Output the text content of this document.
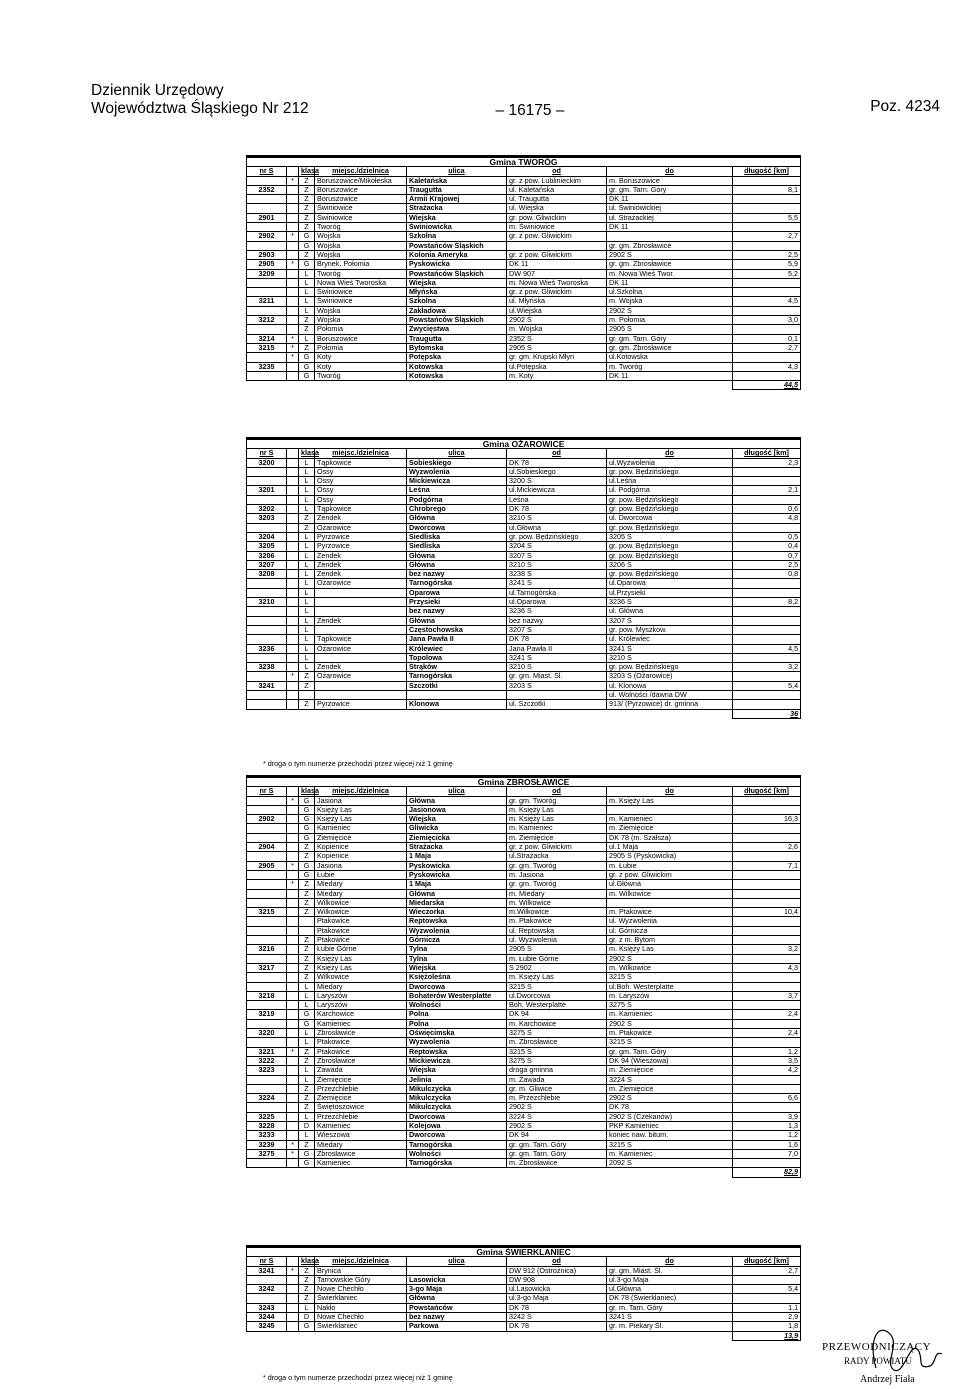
Dziennik Urzędowy
Województwa Śląskiego Nr 212	– 16175 –	Poz. 4234
Gmina TWORÓG							
nr S		klasa	miejsc./dzielnica	ulica	od	do	długość [km]
	*	Z	Boruszowice/Mikołeska	Kaletańska	gr. z pow. Lublinieckim	m. Boruszowice	
2352		Z	Boruszowice	Traugutta	ul. Kaletańska	gr. gm. Tarn. Góry	8,1
		Z	Boruszowice	Armii Krajowej	ul. Traugutta	DK 11	
		Z	Świniowice	Strażacka	ul. Wiejska	ul. Świniowickiej	
2901		Z	Świniowice	Wiejska	gr. pow. Gliwickim	ul. Strażackiej	5,5
		Z	Tworóg	Świniowicka	m. Świniowice	DK 11	
2902	*	G	Wojska	Szkolna	gr. z pow. Gliwickim		2,7
		G	Wojska	Powstańców Śląskich		gr. gm. Zbrosławice	
2903		Z	Wojska	Kolonia Ameryka	gr. z pow. Gliwickim	2902 S	2,5
2905	*	G	Brynek, Połomia	Pyskowicka	DK 11	gr. gm. Zbrosławice	5,9
3209		L	Tworóg	Powstańców Śląskich	DW 907	m. Nowa Wieś Twor.	5,2
		L	Nowa Wieś Tworoska	Wiejska	m. Nowa Wieś Tworoska	DK 11	
		L	Świniowice	Młyńska	gr. z pow. Gliwickim	ul.Szkolna	
3211		L	Świniowice	Szkolna	ul. Młyńska	m. Wojska	4,5
		L	Wojska	Zakładowa	ul.Wiejska	2902 S	
3212		Z	Wojska	Powstańców Śląskich	2902 S	m. Połomia	3,0
		Z	Połomia	Zwycięstwa	m. Wojska	2905 S	
3214	*	L	Boruszowice	Traugutta	2352 S	gr. gm. Tarn. Góry	0,1
3215	*	Z	Połomia	Bytomska	2905 S	gr. gm. Zbrosławice	2,7
	*	G	Koty	Potępska	gr. gm. Krupski Młyn	ul.Kotowska	
3235		G	Koty	Kotowska	ul.Potępska	m. Tworóg	4,3
		G	Tworóg	Kotowska	m. Koty	DK 11	
							44,5
Gmina OŻAROWICE							
nr S		klasa	miejsc./dzielnica	ulica	od	do	długość [km]
3200		L	Tąpkowice	Sobieskiego	DK 78	ul.Wyzwolenia	2,3
		L	Ossy	Wyzwolenia	ul.Sobieskiego	gr. pow. Będzińskiego	
		L	Ossy	Mickiewicza	3200 S	ul.Leśna	
3201		L	Ossy	Leśna	ul.Mickiewicza	ul. Podgórna	2,1
		L	Ossy	Podgórna	Leśna	gr. pow. Będzińskiego	
3202		L	Tąpkowice	Chrobrego	DK 78	gr. pow. Będzińskiego	0,6
3203		Z	Zendek	Główna	3210 S	ul. Dworcowa	4,8
		Z	Ożarowice	Dworcowa	ul.Główna	gr. pow. Będzińskiego	
3204		L	Pyrzowice	Siedliska	gr. pow. Będzińskiego	3205 S	0,5
3205		L	Pyrzowice	Siedliska	3204 S	gr. pow. Będzińskiego	0,4
3206		L	Zendek	Główna	3207 S	gr. pow. Będzińskiego	0,7
3207		L	Zendek	Główna	3210 S	3206 S	2,5
3208		L	Zendek	bez nazwy	3238 S	gr. pow. Będzińskiego	0,8
		L	Ożarowice	Tarnogórska	3241 S	ul.Oparowa	
		L		Oparowa	ul.Tarnogórska	ul.Przysieki	
3210		L		Przysieki	ul.Oparowa	3236 S	8,2
		L		bez nazwy	3236 S	ul. Główna	
		L	Zendek	Główna	bez nazwy	3207 S	
		L		Częstochowska	3207 S	gr. pow. Myszkow.	
		L	Tąpkowice	Jana Pawła II	DK 78	ul. Królewiec	
3236		L	Ożarowice	Królewiec	Jana Pawła II	3241 S	4,5
		L		Topolowa	3241 S	3210 S	
3238		L	Zendek	Strąków	3210 S	gr. pow. Będzińskiego	3,2
	*	Z	Ożarowice	Tarnogórska	gr. gm. Miast. Śl.	3203 S (Ożarowice)	
3241		Z		Szczotki	3203 S	ul. Klonowa	5,4
						ul. Wolności /dawna DW	
		Z	Pyrzowice	Klonowa	ul. Szczotki	913/ (Pyrzowice) dr. gminna	
							36
* droga o tym numerze przechodzi przez więcej niż 1 gminę
Gmina ZBROSŁAWICE							
nr S		klasa	miejsc./dzielnica	ulica	od	do	długość [km]
	*	G	Jasiona	Główna	gr. gm. Tworóg	m. Księży Las	
		G	Księży Las	Jasionowa	m. Księży Las		
2902		G	Księży Las	Wiejska	m. Księży Las	m. Kamieniec	16,3
		G	Kamieniec	Gliwicka	m. Kamieniec	m. Ziemięcice	
		G	Ziemięcice	Ziemięcicka	m. Ziemięcice	DK 78 (m. Szałsza)	
2904		Z	Kopienice	Strażacka	gr. z pow. Gliwickim	ul.1 Maja	2,6
		Z	Kopienice	1 Maja	ul.Strażacka	2905 S (Pyskowicka)	
2905	*	G	Jasiona	Pyskowicka	gr. gm. Tworóg	m. Łubie	7,1
		G	Łubie	Pyskowicka	m. Jasiona	gr. z pow. Gliwickim	
	*	Z	Miedary	1 Maja	gr. gm. Tworóg	ul.Główna	
		Z	Miedary	Główna	m. Miedary	m. Wilkowice	
		Z	Wilkowice	Miedarska	m. Wilkowice		
3215		Z	Wilkowice	Wieczorka	m.Wilkowice	m. Ptakowice	10,4
			Ptakowice	Reptowska	m. Ptakowice	ul. Wyzwolenia	
			Ptakowice	Wyzwolenia	ul. Reptowska	ul. Górnicza	
		Z	Ptakowice	Górnicza	ul. Wyzwolenia	gr. z m. Bytom	
3216		Z	Łubie Górne	Tylna	2905 S	m. Księży Las	3,2
		Z	Księży Las	Tylna	m. Łubie Górne	2902 S	
3217		Z	Księży Las	Wiejska	S 2902	m. Wilkowice	4,3
		Z	Wilkowice	Księżoleśna	m. Księży Las	3215 S	
		L	Miedary	Dworcowa	3215 S	ul.Boh. Westerplatte	
3218		L	Laryszów	Bohaterów Westerplatte	ul.Dworcowa	m. Laryszów	3,7
		L	Laryszów	Wolności	Boh. Westerplatte	3275 S	
3219		G	Karchowice	Polna	DK 94	m. Kamieniec	2,4
		G	Kamieniec	Polna	m. Karchowice	2902 S	
3220		L	Zbrosławice	Oświęcimska	3275 S	m. Ptakowice	2,4
		L	Ptakowice	Wyzwolenia	m. Zbrosławice	3215 S	
3221	*	Z	Ptakowice	Reptowska	3215 S	gr. gm. Tarn. Góry	1,2
3222		Z	Zbrosławice	Mickiewicza	3275 S	DK 94 (Wieszowa)	3,5
3223		L	Zawada	Wiejska	droga gminna	m. Ziemięcice	4,2
		L	Ziemięcice	Jelinia	m. Zawada	3224 S	
		Z	Przezchlebie	Mikulczycka	gr. m. Gliwice	m. Ziemięcice	
3224		Z	Ziemięcice	Mikulczycka	m. Przezchlebie	2902 S	6,6
		Z	Świętoszowice	Mikulczycka	2902 S	DK 78	
3225		L	Przezchlebie	Dworcowa	3224 S	2902 S (Czekanów)	3,9
3228		D	Kamieniec	Kolejowa	2902 S	PKP Kamieniec	1,3
3233		L	Wieszowa	Dworcowa	DK 94	koniec naw. bitum.	1,2
3239	*	Z	Miedary	Tarnogórska	gr. gm. Tarn. Góry	3215 S	1,6
3275	*	G	Zbrosławice	Wolności	gr. gm. Tarn. Góry	m. Kamieniec	7,0
		G	Kamieniec	Tarnogórska	m. Zbrosławice	2092 S	
							82,9
Gmina ŚWIERKLANIEC							
nr S		klasa	miejsc./dzielnica	ulica	od	do	długość [km]
3241	*	Z	Brynica		DW 912 (Ostrożnica)	gr. gm. Miast. Śl.	2,7
		Z	Tarnowskie Góry	Lasowicka	DW 908	ul.3-go Maja	
3242		Z	Nowe Chechło	3-go Maja	ul.Lasowicka	ul.Główna	5,4
		Z	Świerklaniec	Główna	ul.3-go Maja	DK 78 (Świerklaniec)	
3243		L	Nakło	Powstańców	DK 78	gr. m. Tarn. Góry	1,1
3244		D	Nowe Chechło	bez nazwy	3242 S	3241 S	2,9
3245		G	Świerklaniec	Parkowa	DK 78	gr. m. Piekary Śl.	1,8
							13,9
* droga o tym numerze przechodzi przez więcej niż 1 gminę
PRZEWODNICZĄCY
RADY POWIATU
Andrzej Fiała
